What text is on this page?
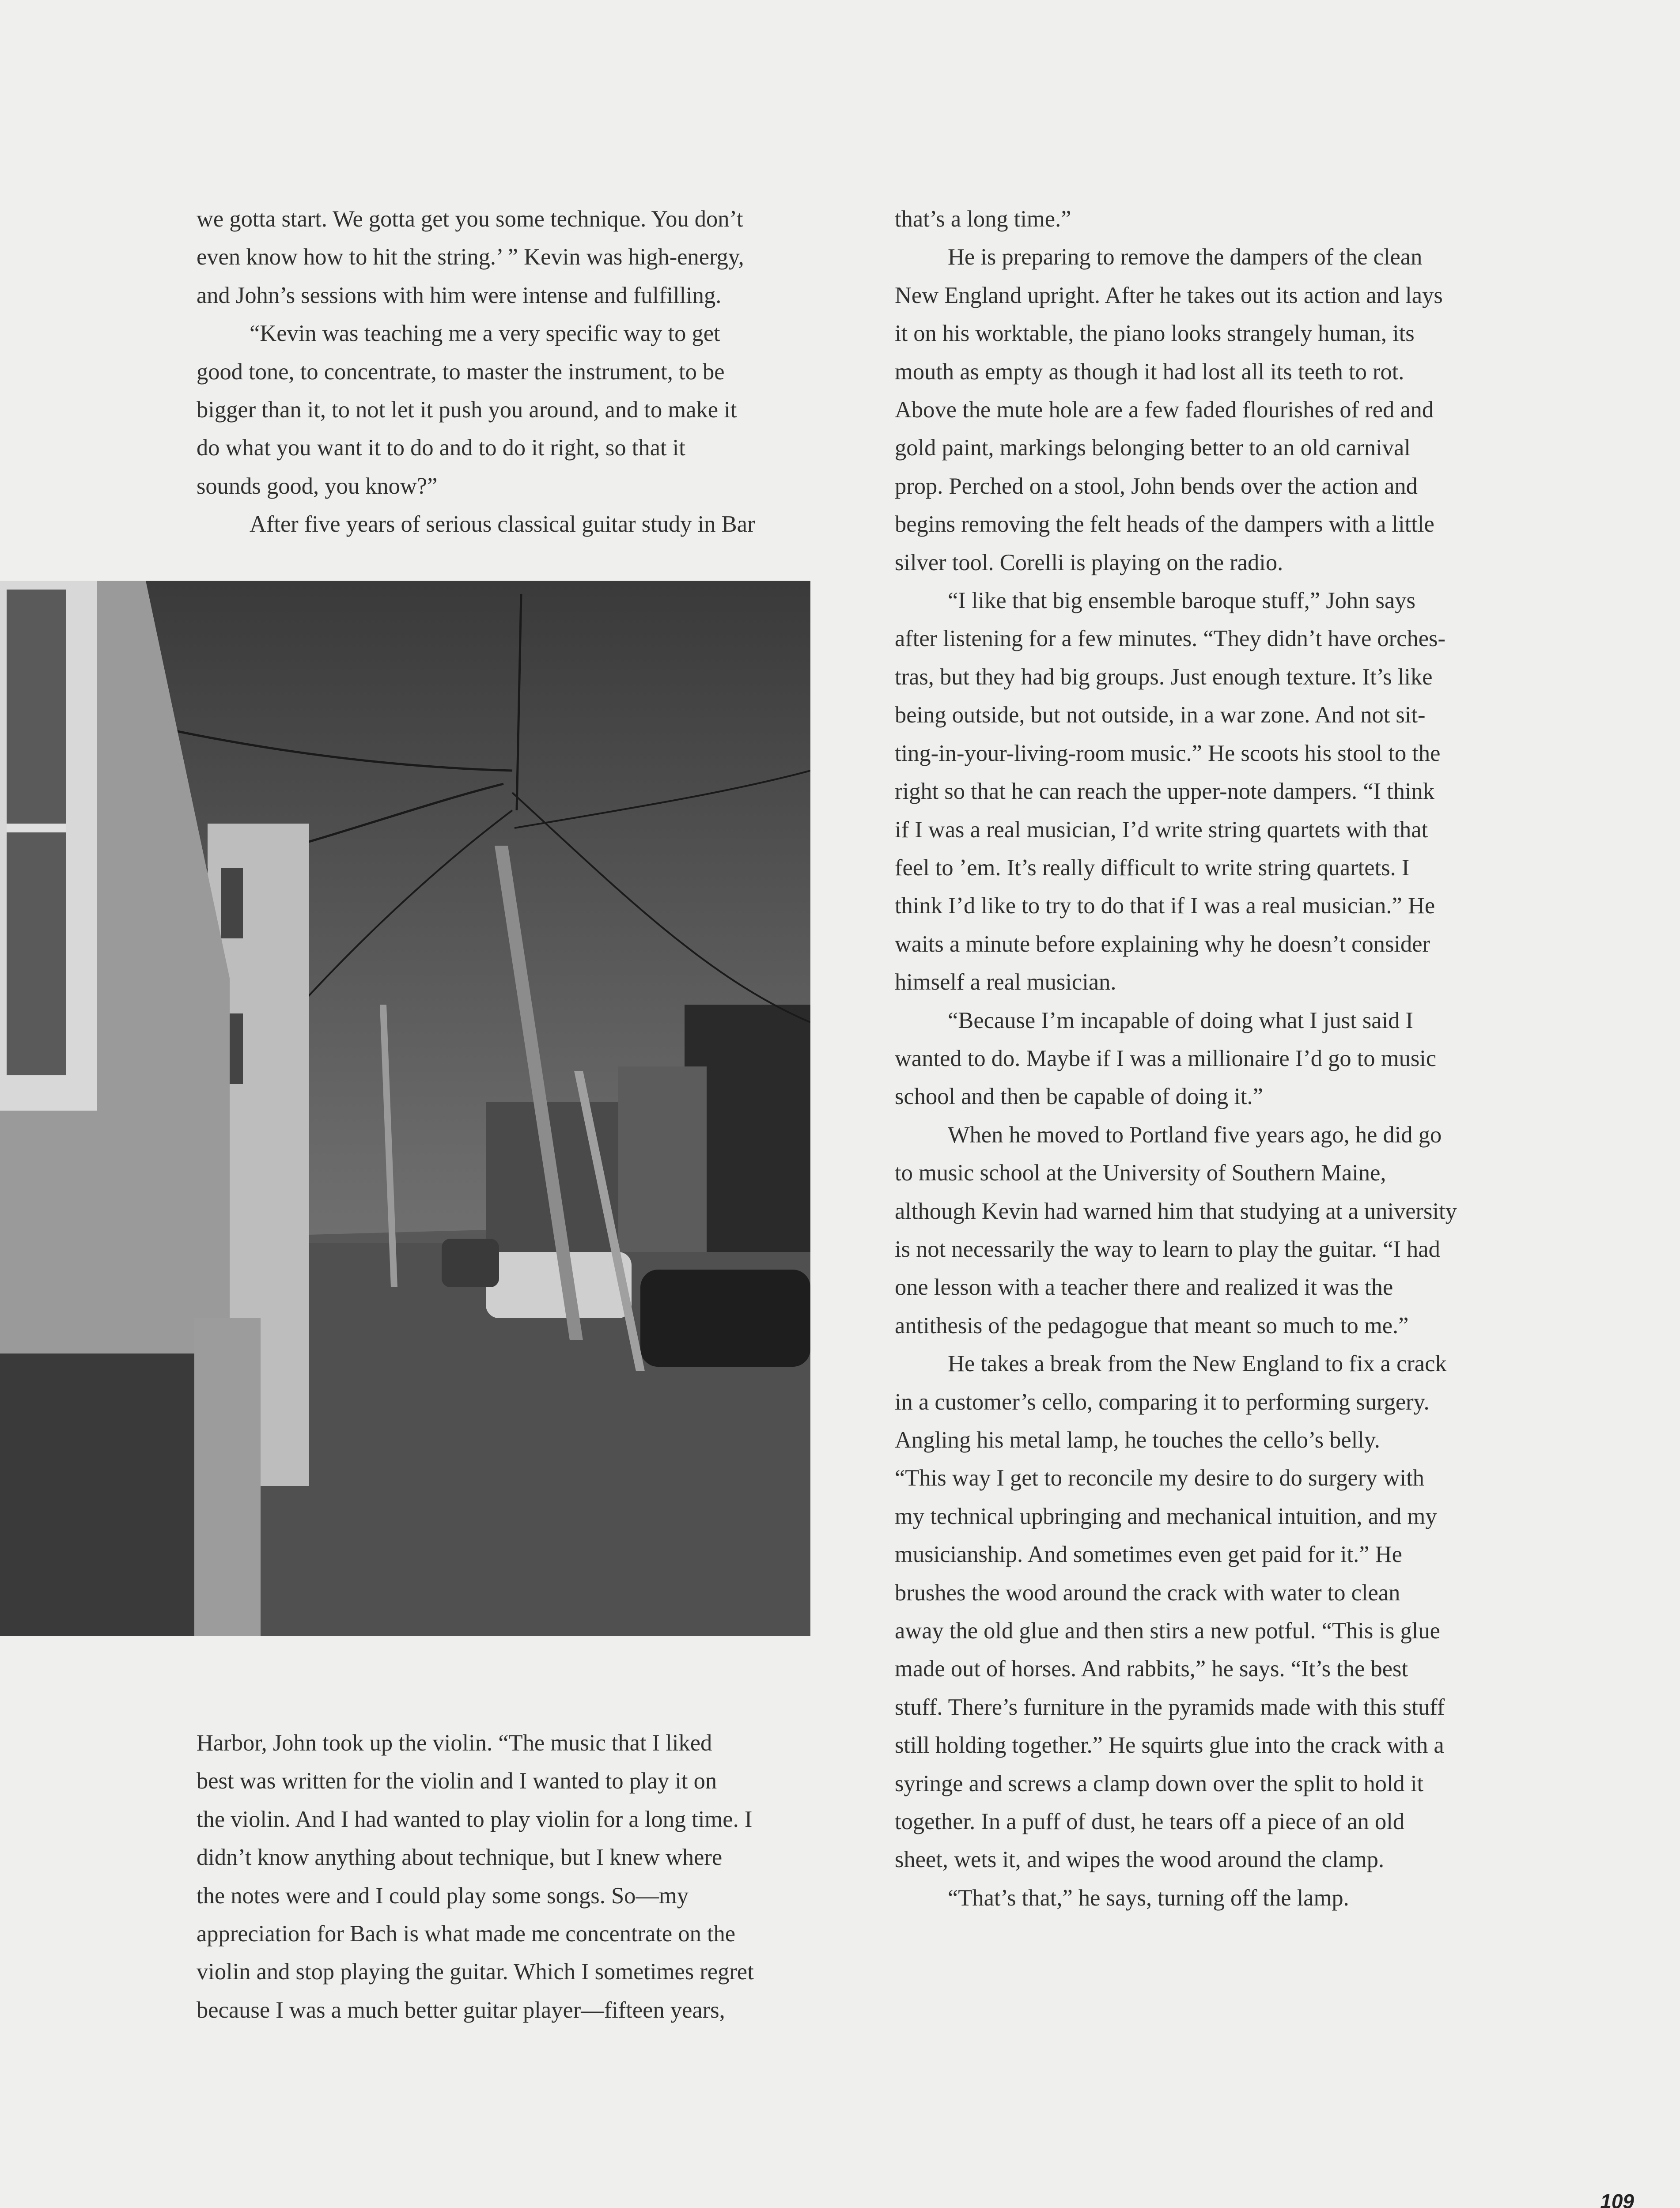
we gotta start. We gotta get you some technique. You don’t
even know how to hit the string.’ ” Kevin was high-energy,
and John’s sessions with him were intense and fulfilling.
“Kevin was teaching me a very specific way to get
good tone, to concentrate, to master the instrument, to be
bigger than it, to not let it push you around, and to make it
do what you want it to do and to do it right, so that it
sounds good, you know?”
After five years of serious classical guitar study in Bar
Harbor, John took up the violin. “The music that I liked
best was written for the violin and I wanted to play it on
the violin. And I had wanted to play violin for a long time. I
didn’t know anything about technique, but I knew where
the notes were and I could play some songs. So—my
appreciation for Bach is what made me concentrate on the
violin and stop playing the guitar. Which I sometimes regret
because I was a much better guitar player—fifteen years,
that’s a long time.”
He is preparing to remove the dampers of the clean
New England upright. After he takes out its action and lays
it on his worktable, the piano looks strangely human, its
mouth as empty as though it had lost all its teeth to rot.
Above the mute hole are a few faded flourishes of red and
gold paint, markings belonging better to an old carnival
prop. Perched on a stool, John bends over the action and
begins removing the felt heads of the dampers with a little
silver tool. Corelli is playing on the radio.
“I like that big ensemble baroque stuff,” John says
after listening for a few minutes. “They didn’t have orches-
tras, but they had big groups. Just enough texture. It’s like
being outside, but not outside, in a war zone. And not sit-
ting-in-your-living-room music.” He scoots his stool to the
right so that he can reach the upper-note dampers. “I think
if I was a real musician, I’d write string quartets with that
feel to ’em. It’s really difficult to write string quartets. I
think I’d like to try to do that if I was a real musician.” He
waits a minute before explaining why he doesn’t consider
himself a real musician.
“Because I’m incapable of doing what I just said I
wanted to do. Maybe if I was a millionaire I’d go to music
school and then be capable of doing it.”
When he moved to Portland five years ago, he did go
to music school at the University of Southern Maine,
although Kevin had warned him that studying at a university
is not necessarily the way to learn to play the guitar. “I had
one lesson with a teacher there and realized it was the
antithesis of the pedagogue that meant so much to me.”
He takes a break from the New England to fix a crack
in a customer’s cello, comparing it to performing surgery.
Angling his metal lamp, he touches the cello’s belly.
“This way I get to reconcile my desire to do surgery with
my technical upbringing and mechanical intuition, and my
musicianship. And sometimes even get paid for it.” He
brushes the wood around the crack with water to clean
away the old glue and then stirs a new potful. “This is glue
made out of horses. And rabbits,” he says. “It’s the best
stuff. There’s furniture in the pyramids made with this stuff
still holding together.” He squirts glue into the crack with a
syringe and screws a clamp down over the split to hold it
together. In a puff of dust, he tears off a piece of an old
sheet, wets it, and wipes the wood around the clamp.
“That’s that,” he says, turning off the lamp.
109
